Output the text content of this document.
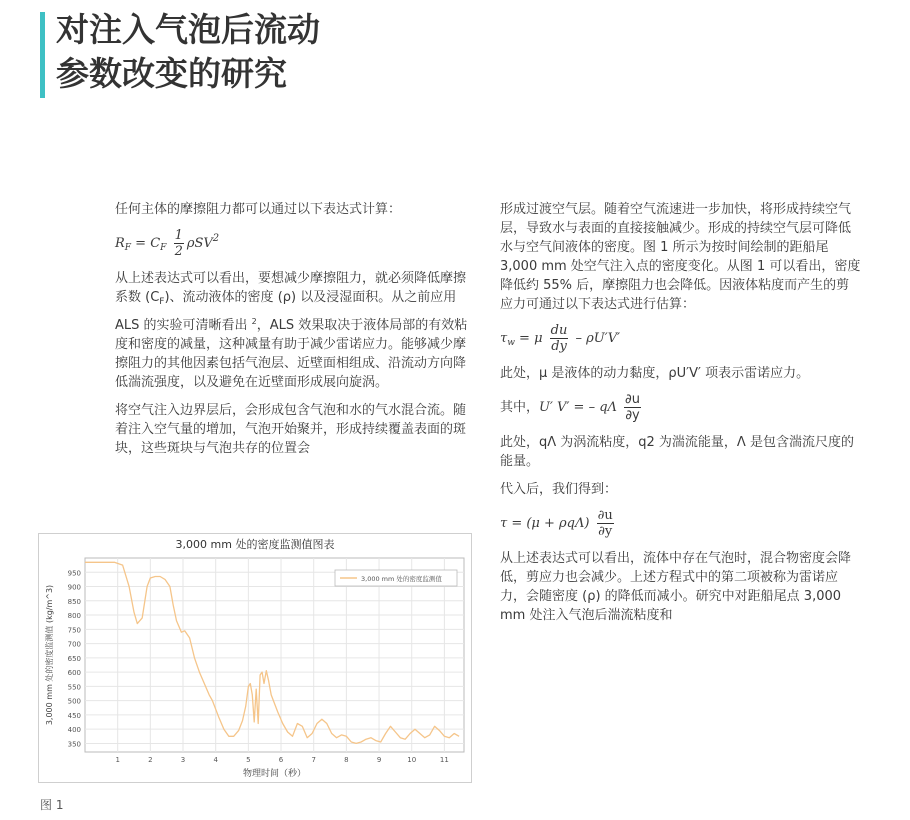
对注入气泡后流动
参数改变的研究

任何主体的摩擦阻力都可以通过以下表达式计算：

$R_F = C_F \frac{1}{2} \rho SV^2$

从上述表达式可以看出，要想减少摩擦阻力，就必须降低摩擦系数 $(C_F)$、流动液体的密度 (ρ) 以及浸湿面积。从之前应用 ALS 的实验可清晰看出 $^2$，ALS 效果取决于液体局部的有效粘度和密度的减量，这种减量有助于减少雷诺应力。能够减少摩擦阻力的其他因素包括气泡层、近壁面相组成、沿流动方向降低湍流强度，以及避免在近壁面形成展向旋涡。

将空气注入边界层后，会形成包含气泡和水的气水混合流。随着注入空气量的增加，气泡开始聚并，形成持续覆盖表面的斑块，这些斑块与气泡共存的位置会

形成过渡空气层。随着空气流速进一步加快，将形成持续空气层，导致水与表面的直接接触减少。形成的持续空气层可降低水与空气间液体的密度。图 1 所示为按时间绘制的距船尾 3,000 mm 处空气注入点的密度变化。从图 1 可以看出，密度降低约 55% 后，摩擦阻力也会降低。因液体粘度而产生的剪应力可通过以下表达式进行估算：

$\tau_w = \mu \frac{du}{dy} - \rho U'V'$

此处，μ 是液体的动力黏度，ρU′V′ 项表示雷诺应力。

其中，U′ V′ = – qΛ $\frac{\partial u}{\partial y}$

此处，qΛ 为涡流粘度，q2 为湍流能量，Λ 是包含湍流尺度的能量。

代入后，我们得到：

$\tau = (\mu + \rho q\Lambda) \frac{\partial u}{\partial y}$

从上述表达式可以看出，流体中存在气泡时，混合物密度会降低，剪应力也会减少。上述方程式中的第二项被称为雷诺应力，会随密度 (ρ) 的降低而减小。研究中对距船尾点 3,000 mm 处注入气泡后湍流粘度和

3,000 mm 处的密度监测值图表
350
400
450
500
550
600
650
700
750
800
850
900
950
1	2	3	4	5	6	7	8	9	10	11
物理时间（秒）
3,000 mm 处的密度监测值 (kg/m^3)
3,000 mm 处的密度监测值
图 1
